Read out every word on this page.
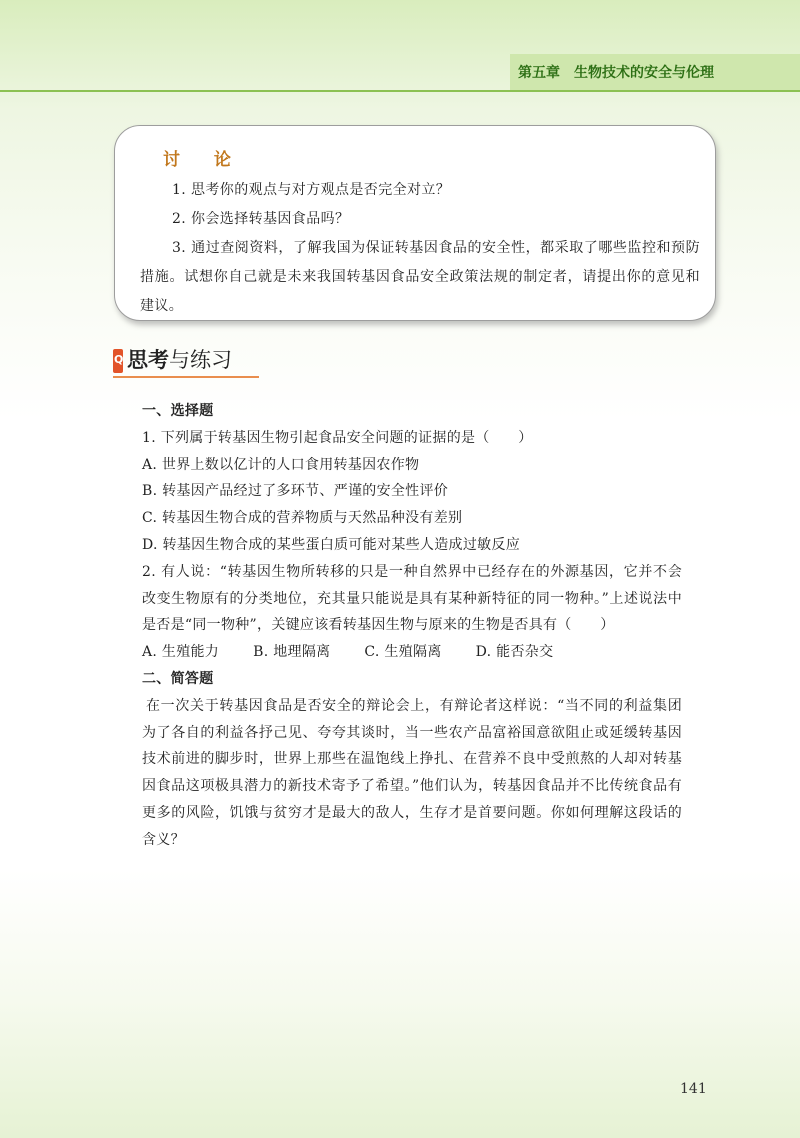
第五章　生物技术的安全与伦理
讨 论

1. 思考你的观点与对方观点是否完全对立？

2. 你会选择转基因食品吗？

3. 通过查阅资料，了解我国为保证转基因食品的安全性，都采取了哪些监控和预防措施。试想你自己就是未来我国转基因食品安全政策法规的制定者，请提出你的意见和建议。

Q 思考与练习

一、选择题

1. 下列属于转基因生物引起食品安全问题的证据的是（　　）

A. 世界上数以亿计的人口食用转基因农作物

B. 转基因产品经过了多环节、严谨的安全性评价

C. 转基因生物合成的营养物质与天然品种没有差别

D. 转基因生物合成的某些蛋白质可能对某些人造成过敏反应

2. 有人说：“转基因生物所转移的只是一种自然界中已经存在的外源基因，它并不会改变生物原有的分类地位，充其量只能说是具有某种新特征的同一物种。”上述说法中是否是“同一物种”，关键应该看转基因生物与原来的生物是否具有（　　）

A. 生殖能力 B. 地理隔离 C. 生殖隔离 D. 能否杂交

二、简答题

在一次关于转基因食品是否安全的辩论会上，有辩论者这样说：“当不同的利益集团为了各自的利益各抒己见、夸夸其谈时，当一些农产品富裕国意欲阻止或延缓转基因技术前进的脚步时，世界上那些在温饱线上挣扎、在营养不良中受煎熬的人却对转基因食品这项极具潜力的新技术寄予了希望。”他们认为，转基因食品并不比传统食品有更多的风险，饥饿与贫穷才是最大的敌人，生存才是首要问题。你如何理解这段话的含义？

141
